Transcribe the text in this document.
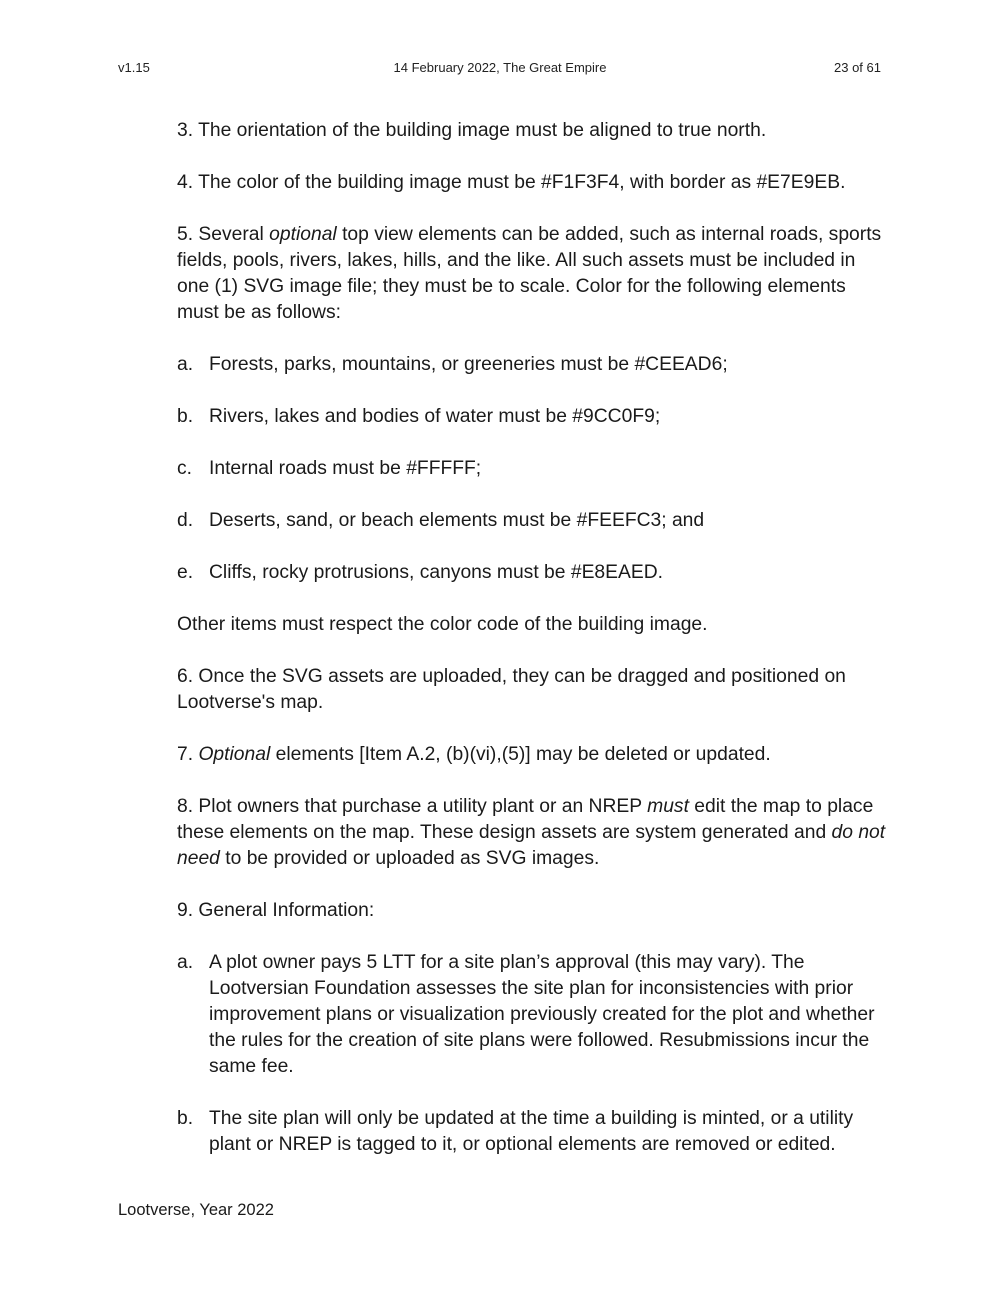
v1.15	14 February 2022, The Great Empire	23 of 61

3. The orientation of the building image must be aligned to true north.

4. The color of the building image must be #F1F3F4, with border as #E7E9EB.

5. Several optional top view elements can be added, such as internal roads, sports fields, pools, rivers, lakes, hills, and the like. All such assets must be included in one (1) SVG image file; they must be to scale. Color for the following elements must be as follows:

a. Forests, parks, mountains, or greeneries must be #CEEAD6;
b. Rivers, lakes and bodies of water must be #9CC0F9;
c. Internal roads must be #FFFFF;
d. Deserts, sand, or beach elements must be #FEEFC3; and
e. Cliffs, rocky protrusions, canyons must be #E8EAED.

Other items must respect the color code of the building image.

6. Once the SVG assets are uploaded, they can be dragged and positioned on Lootverse's map.

7. Optional elements [Item A.2, (b)(vi),(5)] may be deleted or updated.

8. Plot owners that purchase a utility plant or an NREP must edit the map to place these elements on the map. These design assets are system generated and do not need to be provided or uploaded as SVG images.

9. General Information:

a. A plot owner pays 5 LTT for a site plan’s approval (this may vary). The Lootversian Foundation assesses the site plan for inconsistencies with prior improvement plans or visualization previously created for the plot and whether the rules for the creation of site plans were followed. Resubmissions incur the same fee.
b. The site plan will only be updated at the time a building is minted, or a utility plant or NREP is tagged to it, or optional elements are removed or edited.
Lootverse, Year 2022
